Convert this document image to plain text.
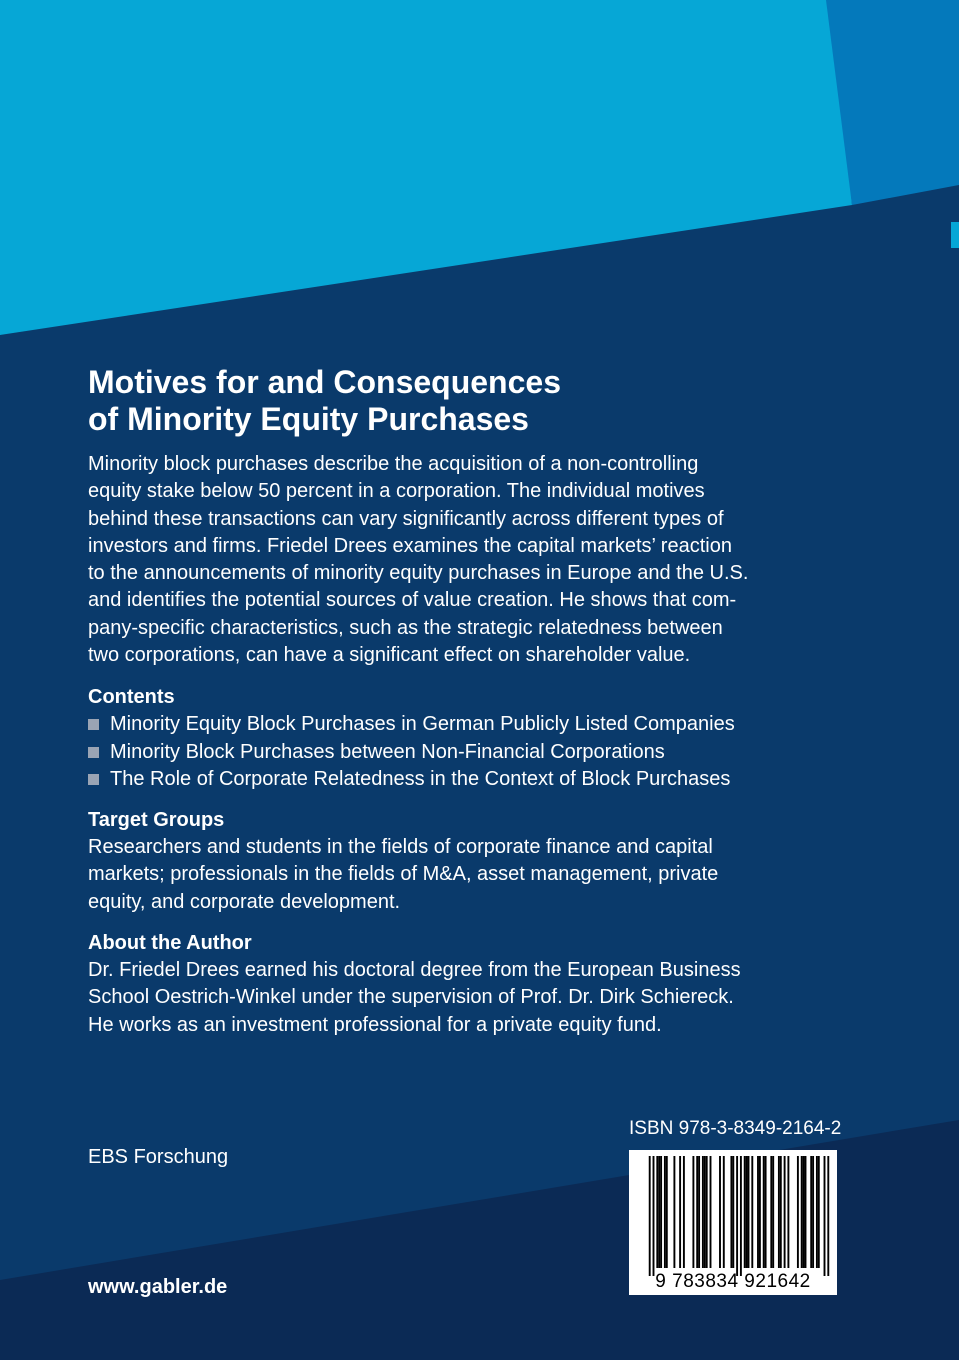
Motives for and Consequences
of Minority Equity Purchases

Minority block purchases describe the acquisition of a non-controlling
equity stake below 50 percent in a corporation. The individual motives
behind these transactions can vary significantly across different types of
investors and firms. Friedel Drees examines the capital markets’ reaction
to the announcements of minority equity purchases in Europe and the U.S.
and identifies the potential sources of value creation. He shows that com-
pany-specific characteristics, such as the strategic relatedness between
two corporations, can have a significant effect on shareholder value.

Contents
Minority Equity Block Purchases in German Publicly Listed Companies
Minority Block Purchases between Non-Financial Corporations
The Role of Corporate Relatedness in the Context of Block Purchases
Target Groups

Researchers and students in the fields of corporate finance and capital
markets; professionals in the fields of M&A, asset management, private
equity, and corporate development.

About the Author

Dr. Friedel Drees earned his doctoral degree from the European Business
School Oestrich-Winkel under the supervision of Prof. Dr. Dirk Schiereck.
He works as an investment professional for a private equity fund.

EBS Forschung
www.gabler.de
ISBN 978-3-8349-2164-2
9 783834 921642
